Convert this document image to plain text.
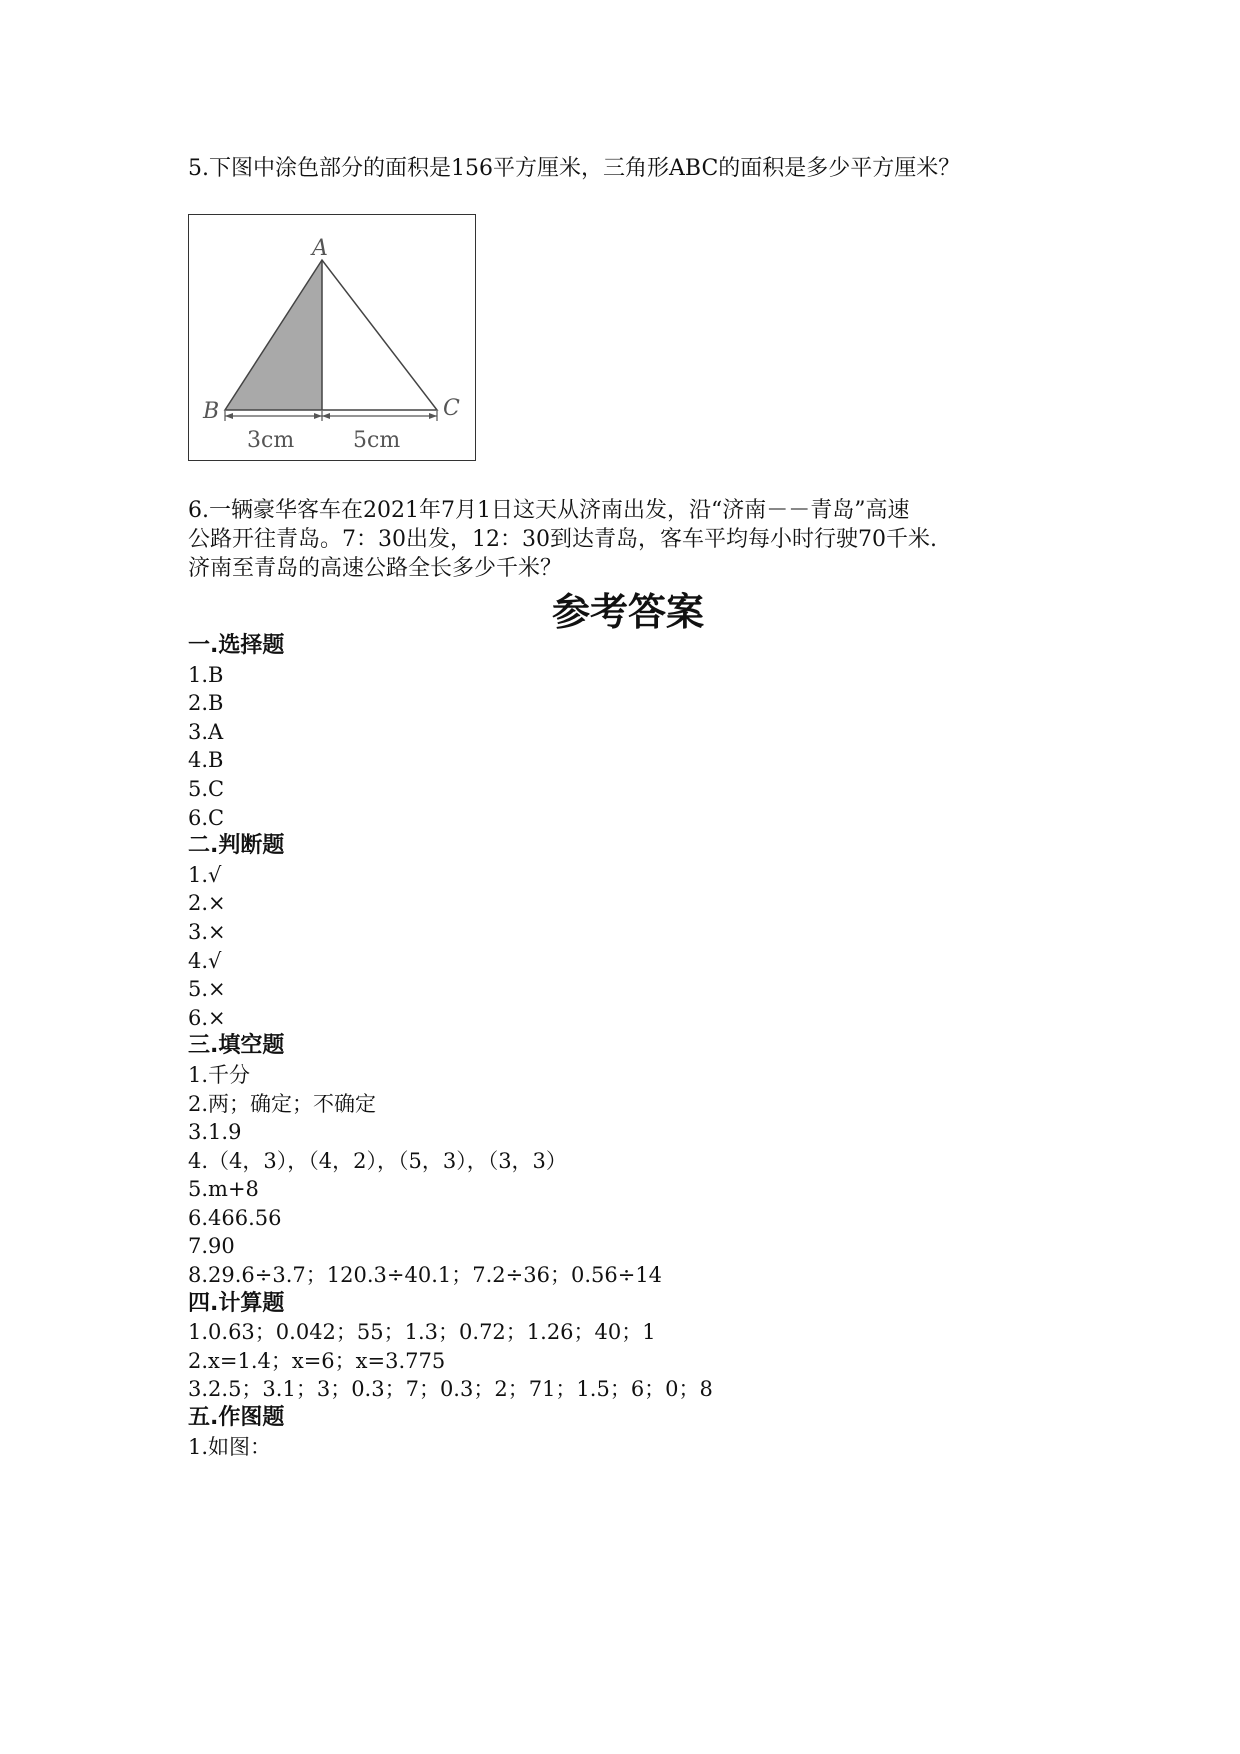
5.下图中涂色部分的面积是156平方厘米，三角形ABC的面积是多少平方厘米？
A
B	C
3cm	5cm
6.一辆豪华客车在2021年7月1日这天从济南出发，沿“济南－－青岛”高速
公路开往青岛。7：30出发，12：30到达青岛，客车平均每小时行驶70千米.
济南至青岛的高速公路全长多少千米？
参考答案
一.选择题
1.B
2.B
3.A
4.B
5.C
6.C
二.判断题
1.√
2.×
3.×
4.√
5.×
6.×
三.填空题
1.千分
2.两；确定；不确定
3.1.9
4.（4，3），（4，2），（5，3），（3，3）
5.m+8
6.466.56
7.90
8.29.6÷3.7；120.3÷40.1；7.2÷36；0.56÷14
四.计算题
1.0.63；0.042；55；1.3；0.72；1.26；40；1
2.x=1.4；x=6；x=3.775
3.2.5；3.1；3；0.3；7；0.3；2；71；1.5；6；0；8
五.作图题
1.如图：
